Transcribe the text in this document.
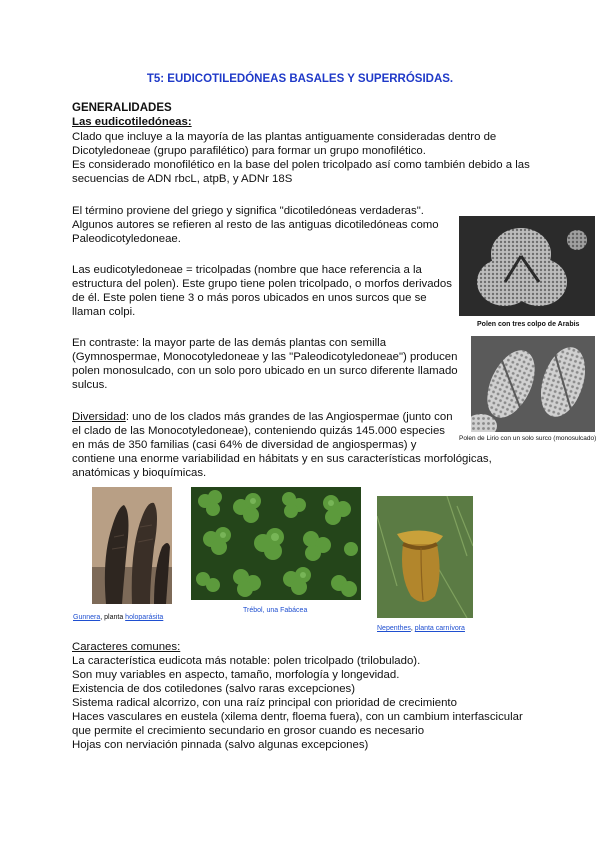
T5: EUDICOTILEDÓNEAS BASALES Y SUPERRÓSIDAS.
GENERALIDADES
Las eudicotiledóneas:
Clado que incluye a la mayoría de las plantas antiguamente consideradas dentro de
Dicotyledoneae (grupo parafilético) para formar un grupo monofilético.
Es considerado monofilético en la base del polen tricolpado así como también debido a las
secuencias de ADN rbcL, atpB, y ADNr 18S
El término proviene del griego y significa "dicotiledóneas verdaderas".
Algunos autores se refieren al resto de las antiguas dicotiledóneas como
Paleodicotyledoneae.
Las eudicotyledoneae = tricolpadas (nombre que hace referencia a la
estructura del polen). Este grupo tiene polen tricolpado, o morfos derivados
de él. Este polen tiene 3 o más poros ubicados en unos surcos que se
llaman colpi.
En contraste: la mayor parte de las demás plantas con semilla
(Gymnospermae, Monocotyledoneae y las "Paleodicotyledoneae") producen
polen monosulcado, con un solo poro ubicado en un surco diferente llamado
sulcus.
Diversidad: uno de los clados más grandes de las Angiospermae (junto con
el clado de las Monocotyledoneae), conteniendo quizás 145.000 especies
en más de 350 familias (casi 64% de diversidad de angiospermas) y
contiene una enorme variabilidad en hábitats y en sus características morfológicas,
anatómicas y bioquímicas.
Polen con tres colpo de Arabis
Polen de Lirio con un solo surco (monosulcado)
Gunnera, planta holoparásita
Trébol, una Fabácea
Nepenthes, planta carnívora
Caracteres comunes:
La característica eudicota más notable: polen tricolpado (trilobulado).
Son muy variables en aspecto, tamaño, morfología y longevidad.
Existencia de dos cotiledones (salvo raras excepciones)
Sistema radical alcorrizo, con una raíz principal con prioridad de crecimiento
Haces vasculares en eustela (xilema dentr, floema fuera), con un cambium interfascicular
que permite el crecimiento secundario en grosor cuando es necesario
Hojas con nerviación pinnada (salvo algunas excepciones)
